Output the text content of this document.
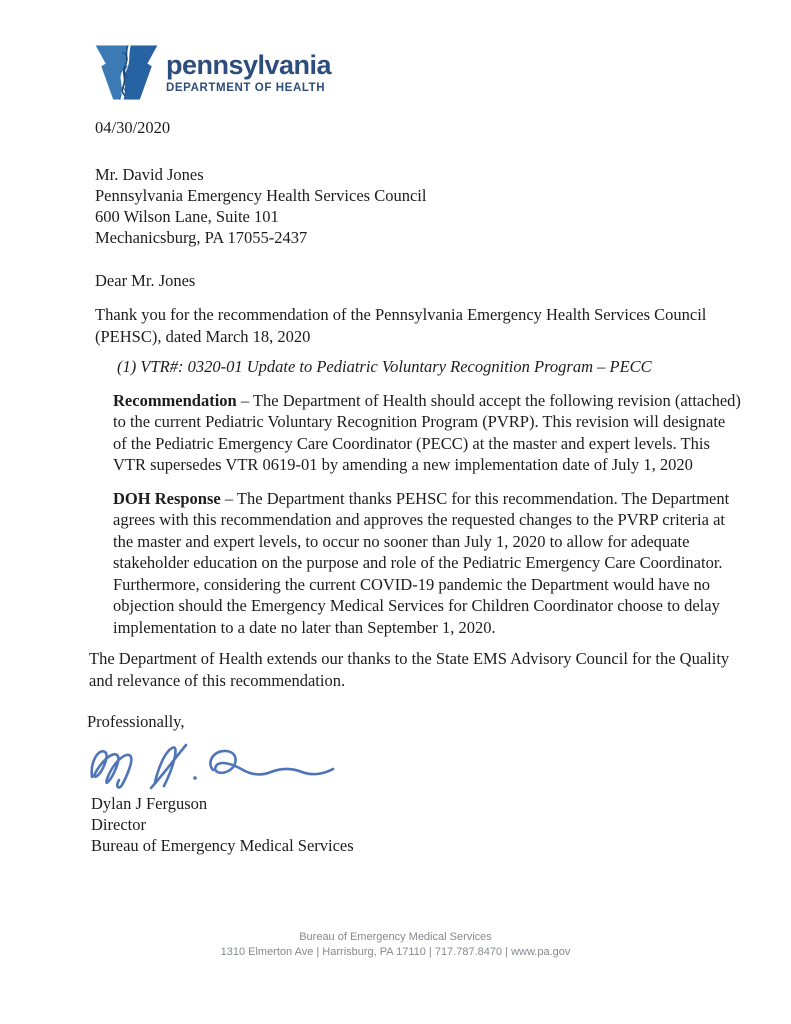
pennsylvania
DEPARTMENT OF HEALTH

04/30/2020

Mr. David Jones
Pennsylvania Emergency Health Services Council
600 Wilson Lane, Suite 101
Mechanicsburg, PA 17055-2437

Dear Mr. Jones

Thank you for the recommendation of the Pennsylvania Emergency Health Services Council (PEHSC), dated March 18, 2020

(1) VTR#: 0320-01 Update to Pediatric Voluntary Recognition Program – PECC

Recommendation – The Department of Health should accept the following revision (attached) to the current Pediatric Voluntary Recognition Program (PVRP). This revision will designate of the Pediatric Emergency Care Coordinator (PECC) at the master and expert levels. This VTR supersedes VTR 0619-01 by amending a new implementation date of July 1, 2020

DOH Response – The Department thanks PEHSC for this recommendation. The Department agrees with this recommendation and approves the requested changes to the PVRP criteria at the master and expert levels, to occur no sooner than July 1, 2020 to allow for adequate stakeholder education on the purpose and role of the Pediatric Emergency Care Coordinator. Furthermore, considering the current COVID-19 pandemic the Department would have no objection should the Emergency Medical Services for Children Coordinator choose to delay implementation to a date no later than September 1, 2020.

The Department of Health extends our thanks to the State EMS Advisory Council for the Quality and relevance of this recommendation.

Professionally,

Dylan J Ferguson
Director
Bureau of Emergency Medical Services
Bureau of Emergency Medical Services
1310 Elmerton Ave | Harrisburg, PA 17110 | 717.787.8470 | www.pa.gov
